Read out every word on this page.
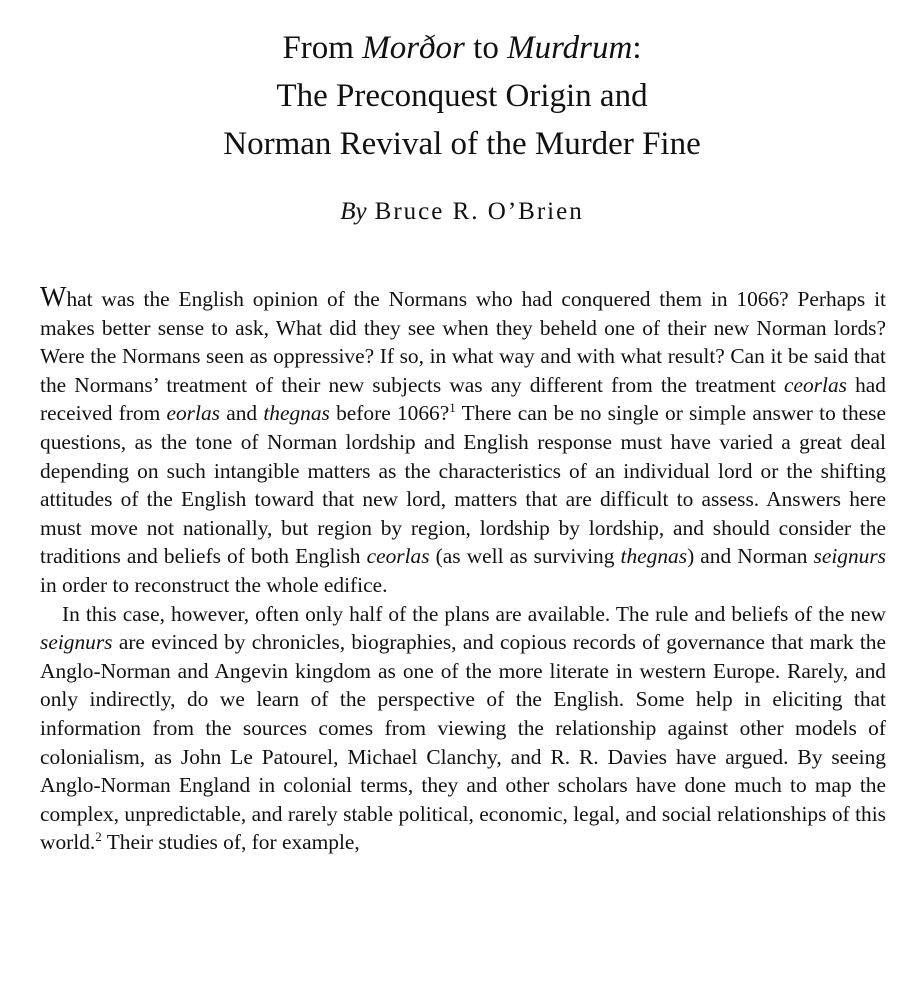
From Morðor to Murdrum:
The Preconquest Origin and
Norman Revival of the Murder Fine

By Bruce R. O’Brien

What was the English opinion of the Normans who had conquered them in 1066? Perhaps it makes better sense to ask, What did they see when they beheld one of their new Norman lords? Were the Normans seen as oppressive? If so, in what way and with what result? Can it be said that the Normans’ treatment of their new subjects was any different from the treatment ceorlas had received from eorlas and thegnas before 1066?$^1$ There can be no single or simple answer to these questions, as the tone of Norman lordship and English response must have varied a great deal depending on such intangible matters as the characteristics of an individual lord or the shifting attitudes of the English toward that new lord, matters that are difficult to assess. Answers here must move not nationally, but region by region, lordship by lordship, and should consider the traditions and beliefs of both English ceorlas (as well as surviving thegnas) and Norman seignurs in order to reconstruct the whole edifice.

In this case, however, often only half of the plans are available. The rule and beliefs of the new seignurs are evinced by chronicles, biographies, and copious records of governance that mark the Anglo-Norman and Angevin kingdom as one of the more literate in western Europe. Rarely, and only indirectly, do we learn of the perspective of the English. Some help in eliciting that information from the sources comes from viewing the relationship against other models of colonialism, as John Le Patourel, Michael Clanchy, and R. R. Davies have argued. By seeing Anglo-Norman England in colonial terms, they and other scholars have done much to map the complex, unpredictable, and rarely stable political, economic, legal, and social relationships of this world.$^2$ Their studies of, for example,
